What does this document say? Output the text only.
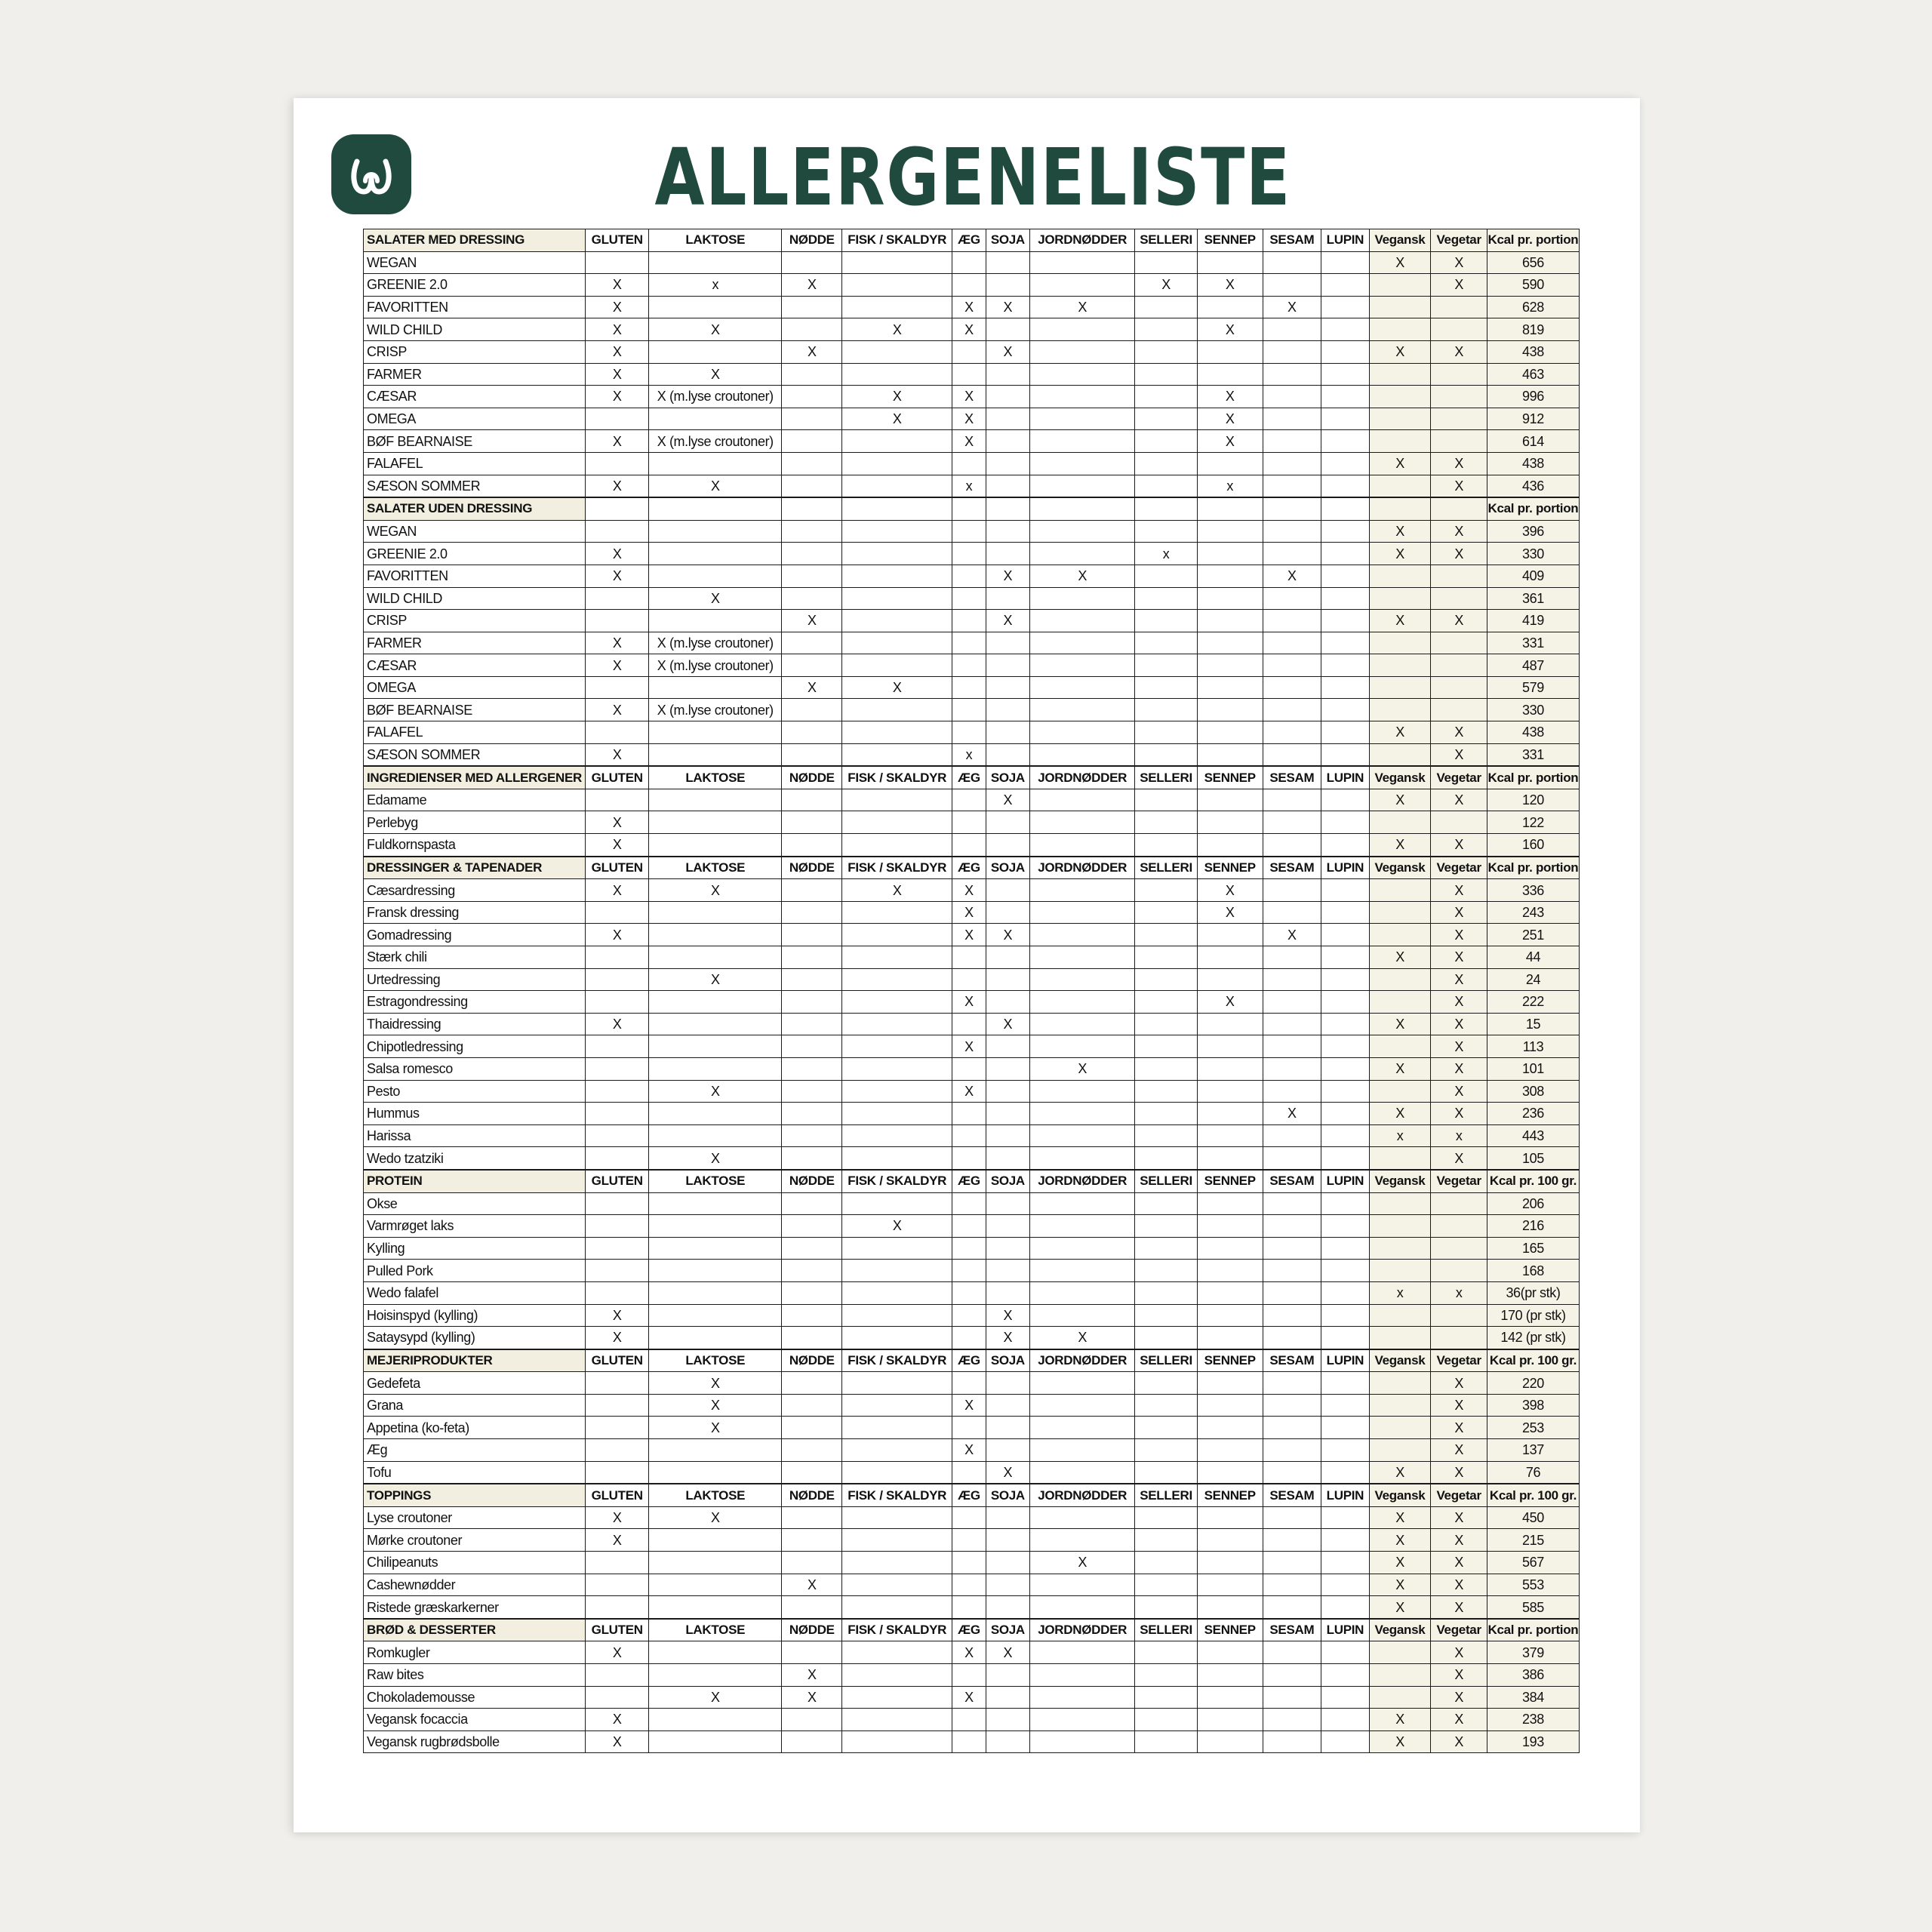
ALLERGENELISTE
SALATER MED DRESSING	GLUTEN	LAKTOSE	NØDDE	FISK / SKALDYR	ÆG	SOJA	JORDNØDDER	SELLERI	SENNEP	SESAM	LUPIN	Vegansk	Vegetar	Kcal pr. portion
WEGAN												X	X	656
GREENIE 2.0	X	x	X					X	X				X	590
FAVORITTEN	X				X	X	X			X				628
WILD CHILD	X	X		X	X				X					819
CRISP	X		X			X						X	X	438
FARMER	X	X												463
CÆSAR	X	X (m.lyse croutoner)		X	X				X					996
OMEGA				X	X				X					912
BØF BEARNAISE	X	X (m.lyse croutoner)			X				X					614
FALAFEL												X	X	438
SÆSON SOMMER	X	X			x				x				X	436
SALATER UDEN DRESSING														Kcal pr. portion
WEGAN												X	X	396
GREENIE 2.0	X							x				X	X	330
FAVORITTEN	X					X	X			X				409
WILD CHILD		X												361
CRISP			X			X						X	X	419
FARMER	X	X (m.lyse croutoner)												331
CÆSAR	X	X (m.lyse croutoner)												487
OMEGA			X	X										579
BØF BEARNAISE	X	X (m.lyse croutoner)												330
FALAFEL												X	X	438
SÆSON SOMMER	X				x								X	331
INGREDIENSER MED ALLERGENER	GLUTEN	LAKTOSE	NØDDE	FISK / SKALDYR	ÆG	SOJA	JORDNØDDER	SELLERI	SENNEP	SESAM	LUPIN	Vegansk	Vegetar	Kcal pr. portion
Edamame						X						X	X	120
Perlebyg	X													122
Fuldkornspasta	X											X	X	160
DRESSINGER & TAPENADER	GLUTEN	LAKTOSE	NØDDE	FISK / SKALDYR	ÆG	SOJA	JORDNØDDER	SELLERI	SENNEP	SESAM	LUPIN	Vegansk	Vegetar	Kcal pr. portion
Cæsardressing	X	X		X	X				X				X	336
Fransk dressing					X				X				X	243
Gomadressing	X				X	X				X			X	251
Stærk chili												X	X	44
Urtedressing		X											X	24
Estragondressing					X				X				X	222
Thaidressing	X					X						X	X	15
Chipotledressing					X								X	113
Salsa romesco							X					X	X	101
Pesto		X			X								X	308
Hummus										X		X	X	236
Harissa												x	x	443
Wedo tzatziki		X											X	105
PROTEIN	GLUTEN	LAKTOSE	NØDDE	FISK / SKALDYR	ÆG	SOJA	JORDNØDDER	SELLERI	SENNEP	SESAM	LUPIN	Vegansk	Vegetar	Kcal pr. 100 gr.
Okse														206
Varmrøget laks				X										216
Kylling														165
Pulled Pork														168
Wedo falafel												x	x	36(pr stk)
Hoisinspyd (kylling)	X					X								170 (pr stk)
Sataysypd (kylling)	X					X	X							142 (pr stk)
MEJERIPRODUKTER	GLUTEN	LAKTOSE	NØDDE	FISK / SKALDYR	ÆG	SOJA	JORDNØDDER	SELLERI	SENNEP	SESAM	LUPIN	Vegansk	Vegetar	Kcal pr. 100 gr.
Gedefeta		X											X	220
Grana		X			X								X	398
Appetina (ko-feta)		X											X	253
Æg					X								X	137
Tofu						X						X	X	76
TOPPINGS	GLUTEN	LAKTOSE	NØDDE	FISK / SKALDYR	ÆG	SOJA	JORDNØDDER	SELLERI	SENNEP	SESAM	LUPIN	Vegansk	Vegetar	Kcal pr. 100 gr.
Lyse croutoner	X	X										X	X	450
Mørke croutoner	X											X	X	215
Chilipeanuts							X					X	X	567
Cashewnødder			X									X	X	553
Ristede græskarkerner												X	X	585
BRØD & DESSERTER	GLUTEN	LAKTOSE	NØDDE	FISK / SKALDYR	ÆG	SOJA	JORDNØDDER	SELLERI	SENNEP	SESAM	LUPIN	Vegansk	Vegetar	Kcal pr. portion
Romkugler	X				X	X							X	379
Raw bites			X										X	386
Chokolademousse		X	X		X								X	384
Vegansk focaccia	X											X	X	238
Vegansk rugbrødsbolle	X											X	X	193
